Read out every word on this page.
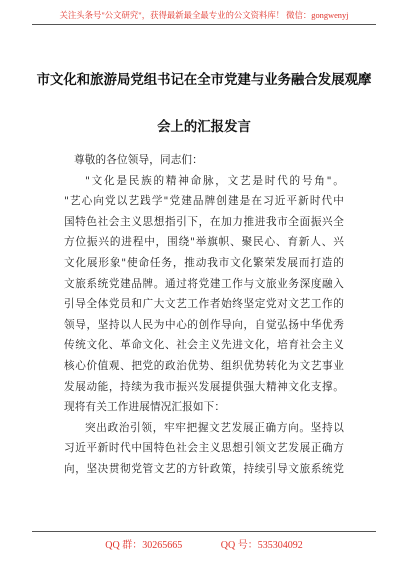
关注头条号"公文研究"，获得最新最全最专业的公文资料库！ 微信：gongwenyj
市文化和旅游局党组书记在全市党建与业务融合发展观摩
会上的汇报发言
尊敬的各位领导，同志们：
"文化是民族的精神命脉，文艺是时代的号角"。
"艺心向党以艺践学"党建品牌创建是在习近平新时代中
国特色社会主义思想指引下，在加力推进我市全面振兴全
方位振兴的进程中，围绕"举旗帜、聚民心、育新人、兴
文化展形象"使命任务，推动我市文化繁荣发展而打造的
文旅系统党建品牌。通过将党建工作与文旅业务深度融入
引导全体党员和广大文艺工作者始终坚定党对文艺工作的
领导，坚持以人民为中心的创作导向，自觉弘扬中华优秀
传统文化、革命文化、社会主义先进文化，培育社会主义
核心价值观、把党的政治优势、组织优势转化为文艺事业
发展动能，持续为我市振兴发展提供强大精神文化支撑。
现将有关工作进展情况汇报如下：
突出政治引领，牢牢把握文艺发展正确方向。坚持以
习近平新时代中国特色社会主义思想引领文艺发展正确方
向，坚决贯彻党管文艺的方针政策，持续引导文旅系统党
QQ 群：30265665	QQ 号：535304092
